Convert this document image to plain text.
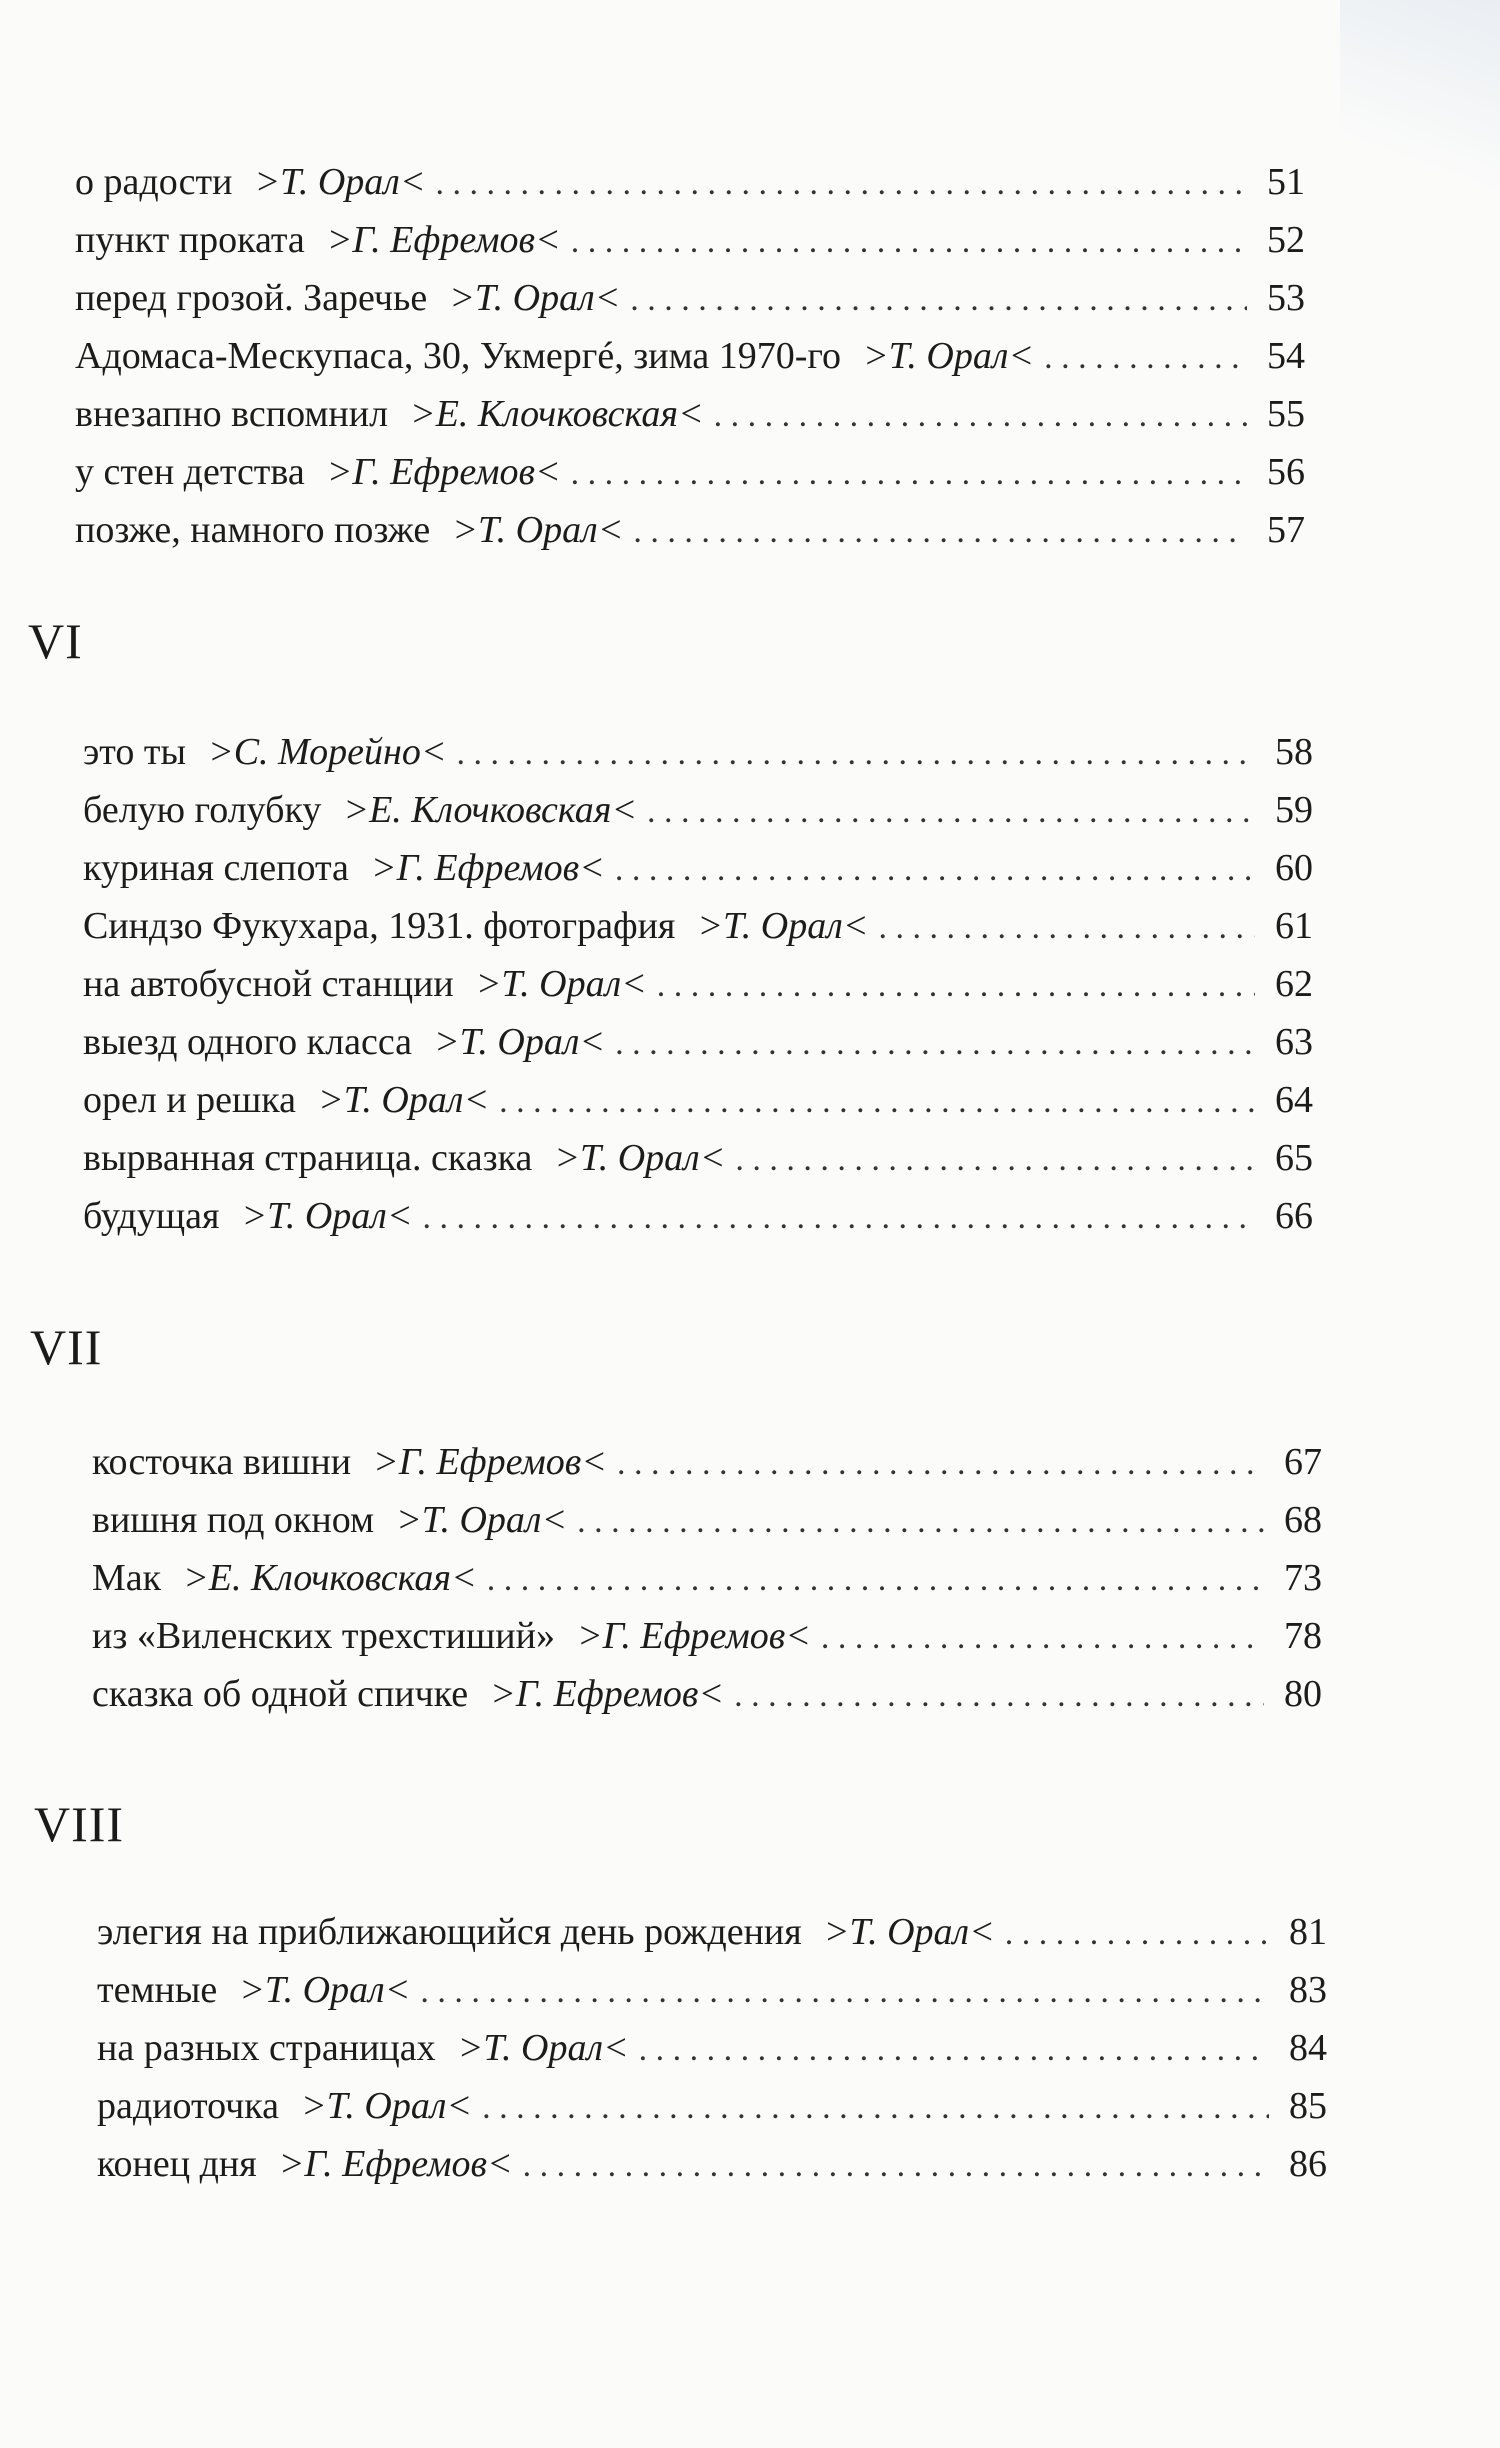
о радости >Т. Орал< . . .	51
пункт проката >Г. Ефремов< . . .	52
перед грозой. Заречье >Т. Орал< . . .	53
Адомаса-Мескупаса, 30, Укмергé, зима 1970-го >Т. Орал< . . .	54
внезапно вспомнил >Е. Клочковская< . . .	55
у стен детства >Г. Ефремов< . . .	56
позже, намного позже >Т. Орал< . . .	57
VI
это ты >С. Морейно< . . .	58
белую голубку >Е. Клочковская< . . .	59
куриная слепота >Г. Ефремов< . . .	60
Синдзо Фукухара, 1931. фотография >Т. Орал< . . .	61
на автобусной станции >Т. Орал< . . .	62
выезд одного класса >Т. Орал< . . .	63
орел и решка >Т. Орал< . . .	64
вырванная страница. сказка >Т. Орал< . . .	65
будущая >Т. Орал< . . .	66
VII
косточка вишни >Г. Ефремов< . . .	67
вишня под окном >Т. Орал< . . .	68
Мак >Е. Клочковская< . . .	73
из «Виленских трехстиший» >Г. Ефремов< . . .	78
сказка об одной спичке >Г. Ефремов< . . .	80
VIII
элегия на приближающийся день рождения >Т. Орал< . . .	81
темные >Т. Орал< . . .	83
на разных страницах >Т. Орал< . . .	84
радиоточка >Т. Орал< . . .	85
конец дня >Г. Ефремов< . . .	86
